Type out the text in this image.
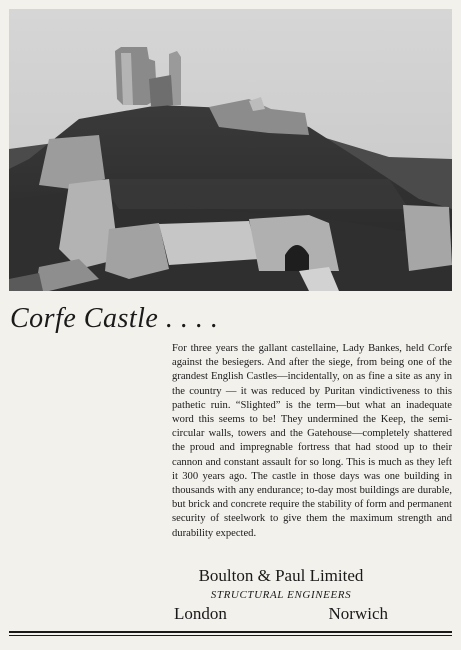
Corfe Castle . . . .

For three years the gallant castellaine, Lady Bankes, held Corfe against the besiegers. And after the siege, from being one of the grandest English Castles—incidentally, on as fine a site as any in the country — it was reduced by Puritan vindictiveness to this pathetic ruin. “Slighted” is the term—but what an inadequate word this seems to be! They undermined the Keep, the semi-circular walls, towers and the Gatehouse—completely shattered the proud and impregnable fortress that had stood up to their cannon and constant assault for so long. This is much as they left it 300 years ago. The castle in those days was one building in thousands with any endurance; to-day most buildings are durable, but brick and concrete require the stability of form and permanent security of steelwork to give them the maximum strength and durability expected.

Boulton & Paul Limited
STRUCTURAL ENGINEERS
London	Norwich
